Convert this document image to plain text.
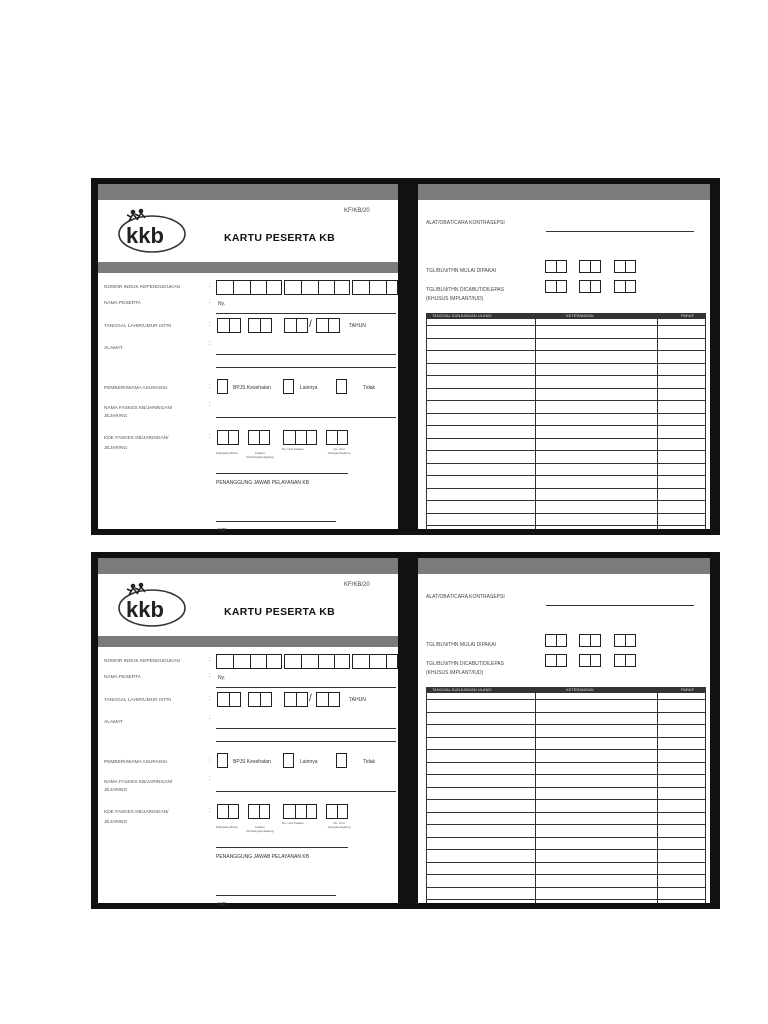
KF/KB/20
kkb	KARTU PESERTA KB
NOMOR INDUK KEPENDUDUKAN	:
NAMA PESERTA	: Ny.
TANGGAL LAHIR/UMUR ISTRI	:	/	TAHUN
ALAMAT
:
PEMBERI/WAMA ASURANSI	:	BPJS Kesehatan	Lainnya	Tidak
NAMA FASKES KB/JARINGAN/
JEJARING
:
KDE FASKES KB/JARINGAN/
JEJARING
:
Kabupaten/Kota	Faskes Kb/Jaringan/Jejaring
No. Urut Faskes	No. Urut Jaringan/Jejaring
PENANGGUNG JAWAB PELAYANAN KB
NIP.
ALAT/OBAT/CARA KONTRASEPSI
TGL/BLN/THN MULAI DIPAKAI
TGL/BLN/THN DICABUT/DILEPAS
(KHUSUS IMPLANT/IUD)
TANGGAL KUNJUNGAN ULANG	KETERANGAN	PARAF
KF/KB/20
kkb	KARTU PESERTA KB
NOMOR INDUK KEPENDUDUKAN	:
NAMA PESERTA	: Ny.
TANGGAL LAHIR/UMUR ISTRI	:	/	TAHUN
ALAMAT
:
PEMBERI/WAMA ASURANSI	:	BPJS Kesehatan	Lainnya	Tidak
NAMA FASKES KB/JARINGAN/
JEJARING
:
KDE FASKES KB/JARINGAN/
JEJARING
:
Kabupaten/Kota	Faskes Kb/Jaringan/Jejaring
No. Urut Faskes	No. Urut Jaringan/Jejaring
PENANGGUNG JAWAB PELAYANAN KB
NIP.
ALAT/OBAT/CARA KONTRASEPSI
TGL/BLN/THN MULAI DIPAKAI
TGL/BLN/THN DICABUT/DILEPAS
(KHUSUS IMPLANT/IUD)
TANGGAL KUNJUNGAN ULANG	KETERANGAN	PARAF
